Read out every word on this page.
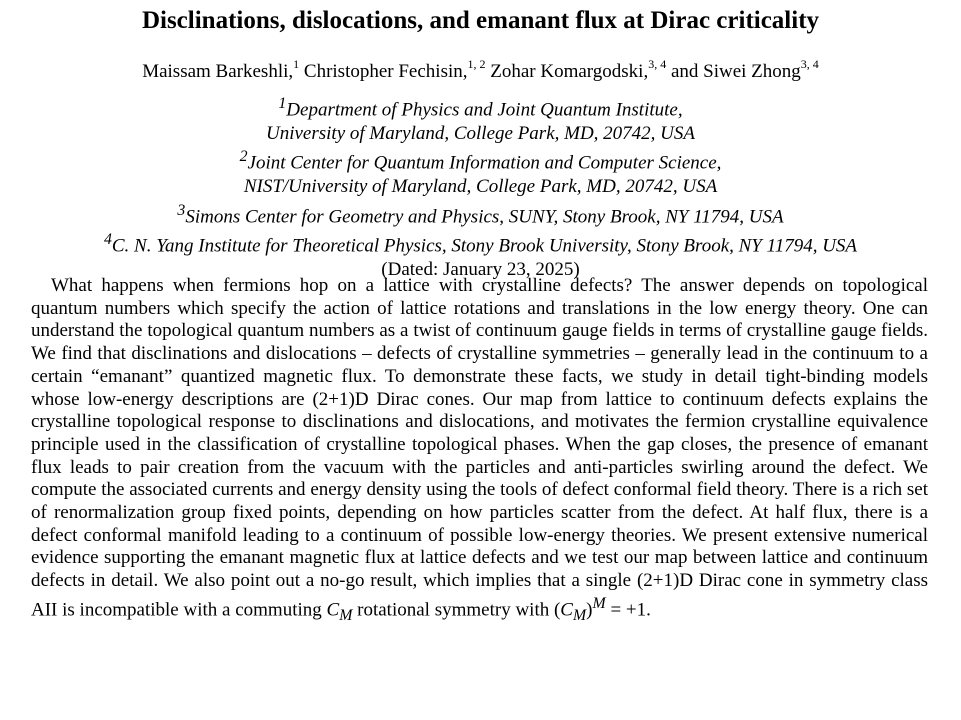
Disclinations, dislocations, and emanant flux at Dirac criticality
Maissam Barkeshli,$^1$ Christopher Fechisin,$^{1, 2}$ Zohar Komargodski,$^{3, 4}$ and Siwei Zhong$^{3, 4}$
$^1$Department of Physics and Joint Quantum Institute,
University of Maryland, College Park, MD, 20742, USA
$^2$Joint Center for Quantum Information and Computer Science,
NIST/University of Maryland, College Park, MD, 20742, USA
$^3$Simons Center for Geometry and Physics, SUNY, Stony Brook, NY 11794, USA
$^4$C. N. Yang Institute for Theoretical Physics, Stony Brook University, Stony Brook, NY 11794, USA
(Dated: January 23, 2025)
What happens when fermions hop on a lattice with crystalline defects? The answer depends on topological quantum numbers which specify the action of lattice rotations and translations in the low energy theory. One can understand the topological quantum numbers as a twist of continuum gauge fields in terms of crystalline gauge fields. We find that disclinations and dislocations – defects of crystalline symmetries – generally lead in the continuum to a certain “emanant” quantized magnetic flux. To demonstrate these facts, we study in detail tight-binding models whose low-energy descriptions are (2+1)D Dirac cones. Our map from lattice to continuum defects explains the crystalline topological response to disclinations and dislocations, and motivates the fermion crystalline equivalence principle used in the classification of crystalline topological phases. When the gap closes, the presence of emanant flux leads to pair creation from the vacuum with the particles and anti-particles swirling around the defect. We compute the associated currents and energy density using the tools of defect conformal field theory. There is a rich set of renormalization group fixed points, depending on how particles scatter from the defect. At half flux, there is a defect conformal manifold leading to a continuum of possible low-energy theories. We present extensive numerical evidence supporting the emanant magnetic flux at lattice defects and we test our map between lattice and continuum defects in detail. We also point out a no-go result, which implies that a single (2+1)D Dirac cone in symmetry class AII is incompatible with a commuting $C_M$ rotational symmetry with $(C_M)^M = +1$.
